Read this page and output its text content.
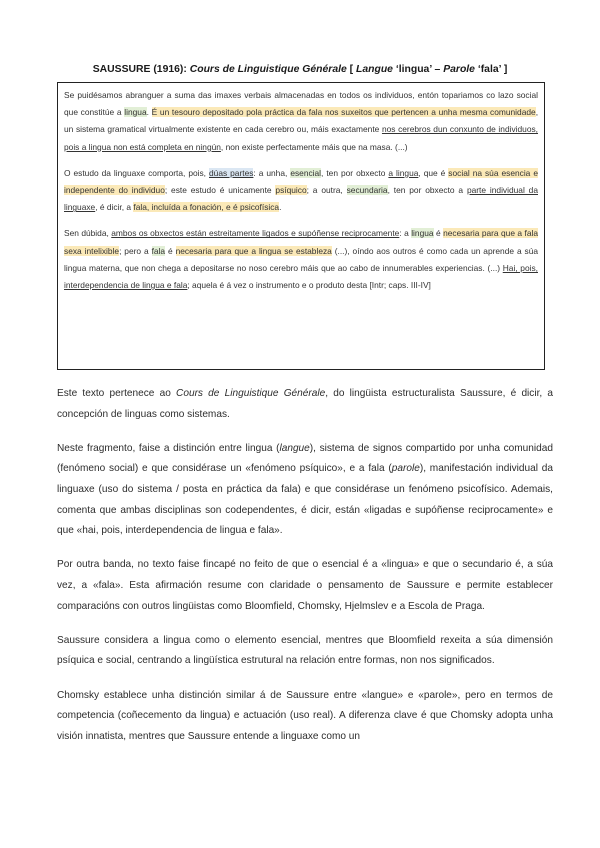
SAUSSURE (1916): Cours de Linguistique Générale [ Langue ‘lingua’ – Parole ‘fala’ ]

Se puidésamos abranguer a suma das imaxes verbais almacenadas en todos os individuos, entón topariamos co lazo social que constitúe a lingua. É un tesouro depositado pola práctica da fala nos suxeitos que pertencen a unha mesma comunidade, un sistema gramatical virtualmente existente en cada cerebro ou, máis exactamente nos cerebros dun conxunto de individuos, pois a lingua non está completa en ningún, non existe perfectamente máis que na masa. (...)

O estudo da linguaxe comporta, pois, dúas partes: a unha, esencial, ten por obxecto a lingua, que é social na súa esencia e independente do individuo; este estudo é unicamente psíquico; a outra, secundaria, ten por obxecto a parte individual da linguaxe, é dicir, a fala, incluída a fonación, e é psicofísica.

Sen dúbida, ambos os obxectos están estreitamente ligados e supóñense reciprocamente: a lingua é necesaria para que a fala sexa intelixible; pero a fala é necesaria para que a lingua se estableza (...), oíndo aos outros é como cada un aprende a súa lingua materna, que non chega a depositarse no noso cerebro máis que ao cabo de innumerables experiencias. (...) Hai, pois, interdependencia de lingua e fala; aquela é á vez o instrumento e o produto desta [Intr; caps. III-IV]

Este texto pertenece ao Cours de Linguistique Générale, do lingüista estructuralista Saussure, é dicir, a concepción de linguas como sistemas.

Neste fragmento, faise a distinción entre lingua (langue), sistema de signos compartido por unha comunidad (fenómeno social) e que considérase un «fenómeno psíquico», e a fala (parole), manifestación individual da linguaxe (uso do sistema / posta en práctica da fala) e que considérase un fenómeno psicofísico. Ademais, comenta que ambas disciplinas son codependentes, é dicir, están «ligadas e supóñense reciprocamente» e que «hai, pois, interdependencia de lingua e fala».

Por outra banda, no texto faise fincapé no feito de que o esencial é a «lingua» e que o secundario é, a súa vez, a «fala». Esta afirmación resume con claridade o pensamento de Saussure e permite establecer comparacións con outros lingüistas como Bloomfield, Chomsky, Hjelmslev e a Escola de Praga.

Saussure considera a lingua como o elemento esencial, mentres que Bloomfield rexeita a súa dimensión psíquica e social, centrando a lingüística estrutural na relación entre formas, non nos significados.

Chomsky establece unha distinción similar á de Saussure entre «langue» e «parole», pero en termos de competencia (coñecemento da lingua) e actuación (uso real). A diferenza clave é que Chomsky adopta unha visión innatista, mentres que Saussure entende a linguaxe como un
